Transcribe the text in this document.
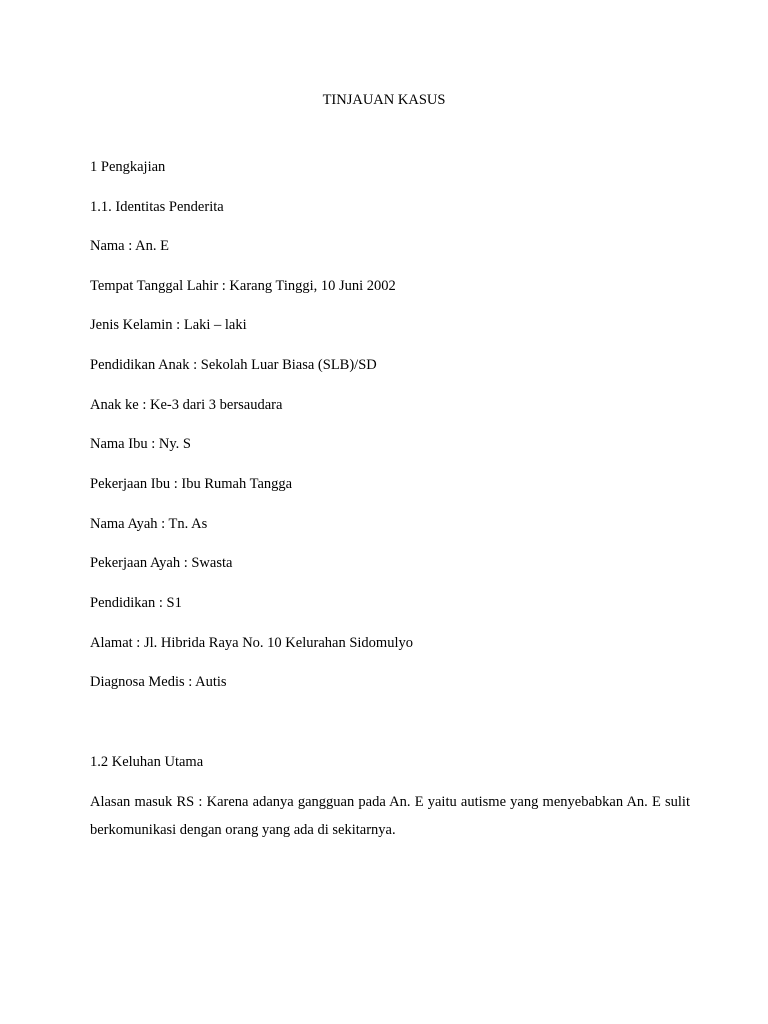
TINJAUAN KASUS
1 Pengkajian
1.1. Identitas Penderita
Nama : An. E
Tempat Tanggal Lahir : Karang Tinggi, 10 Juni 2002
Jenis Kelamin : Laki – laki
Pendidikan Anak : Sekolah Luar Biasa (SLB)/SD
Anak ke : Ke-3 dari 3 bersaudara
Nama Ibu : Ny. S
Pekerjaan Ibu : Ibu Rumah Tangga
Nama Ayah : Tn. As
Pekerjaan Ayah : Swasta
Pendidikan : S1
Alamat : Jl. Hibrida Raya No. 10 Kelurahan Sidomulyo
Diagnosa Medis : Autis
1.2 Keluhan Utama
Alasan masuk RS : Karena adanya gangguan pada An. E yaitu autisme yang menyebabkan An. E sulit berkomunikasi dengan orang yang ada di sekitarnya.
